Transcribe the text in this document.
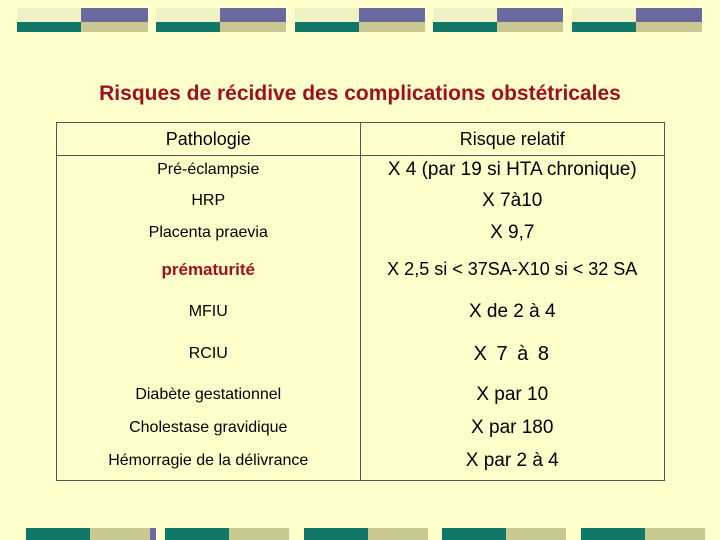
Risques de récidive des complications obstétricales
Pathologie	Risque relatif
Pré-éclampsie	X 4 (par 19 si HTA chronique)
HRP	X 7à10
Placenta praevia	X 9,7
prématurité	X 2,5 si < 37SA-X10 si < 32 SA
MFIU	X de 2 à 4
RCIU	X 7 à 8
Diabète gestationnel	X par 10
Cholestase gravidique	X par 180
Hémorragie de la délivrance	X par 2 à 4
